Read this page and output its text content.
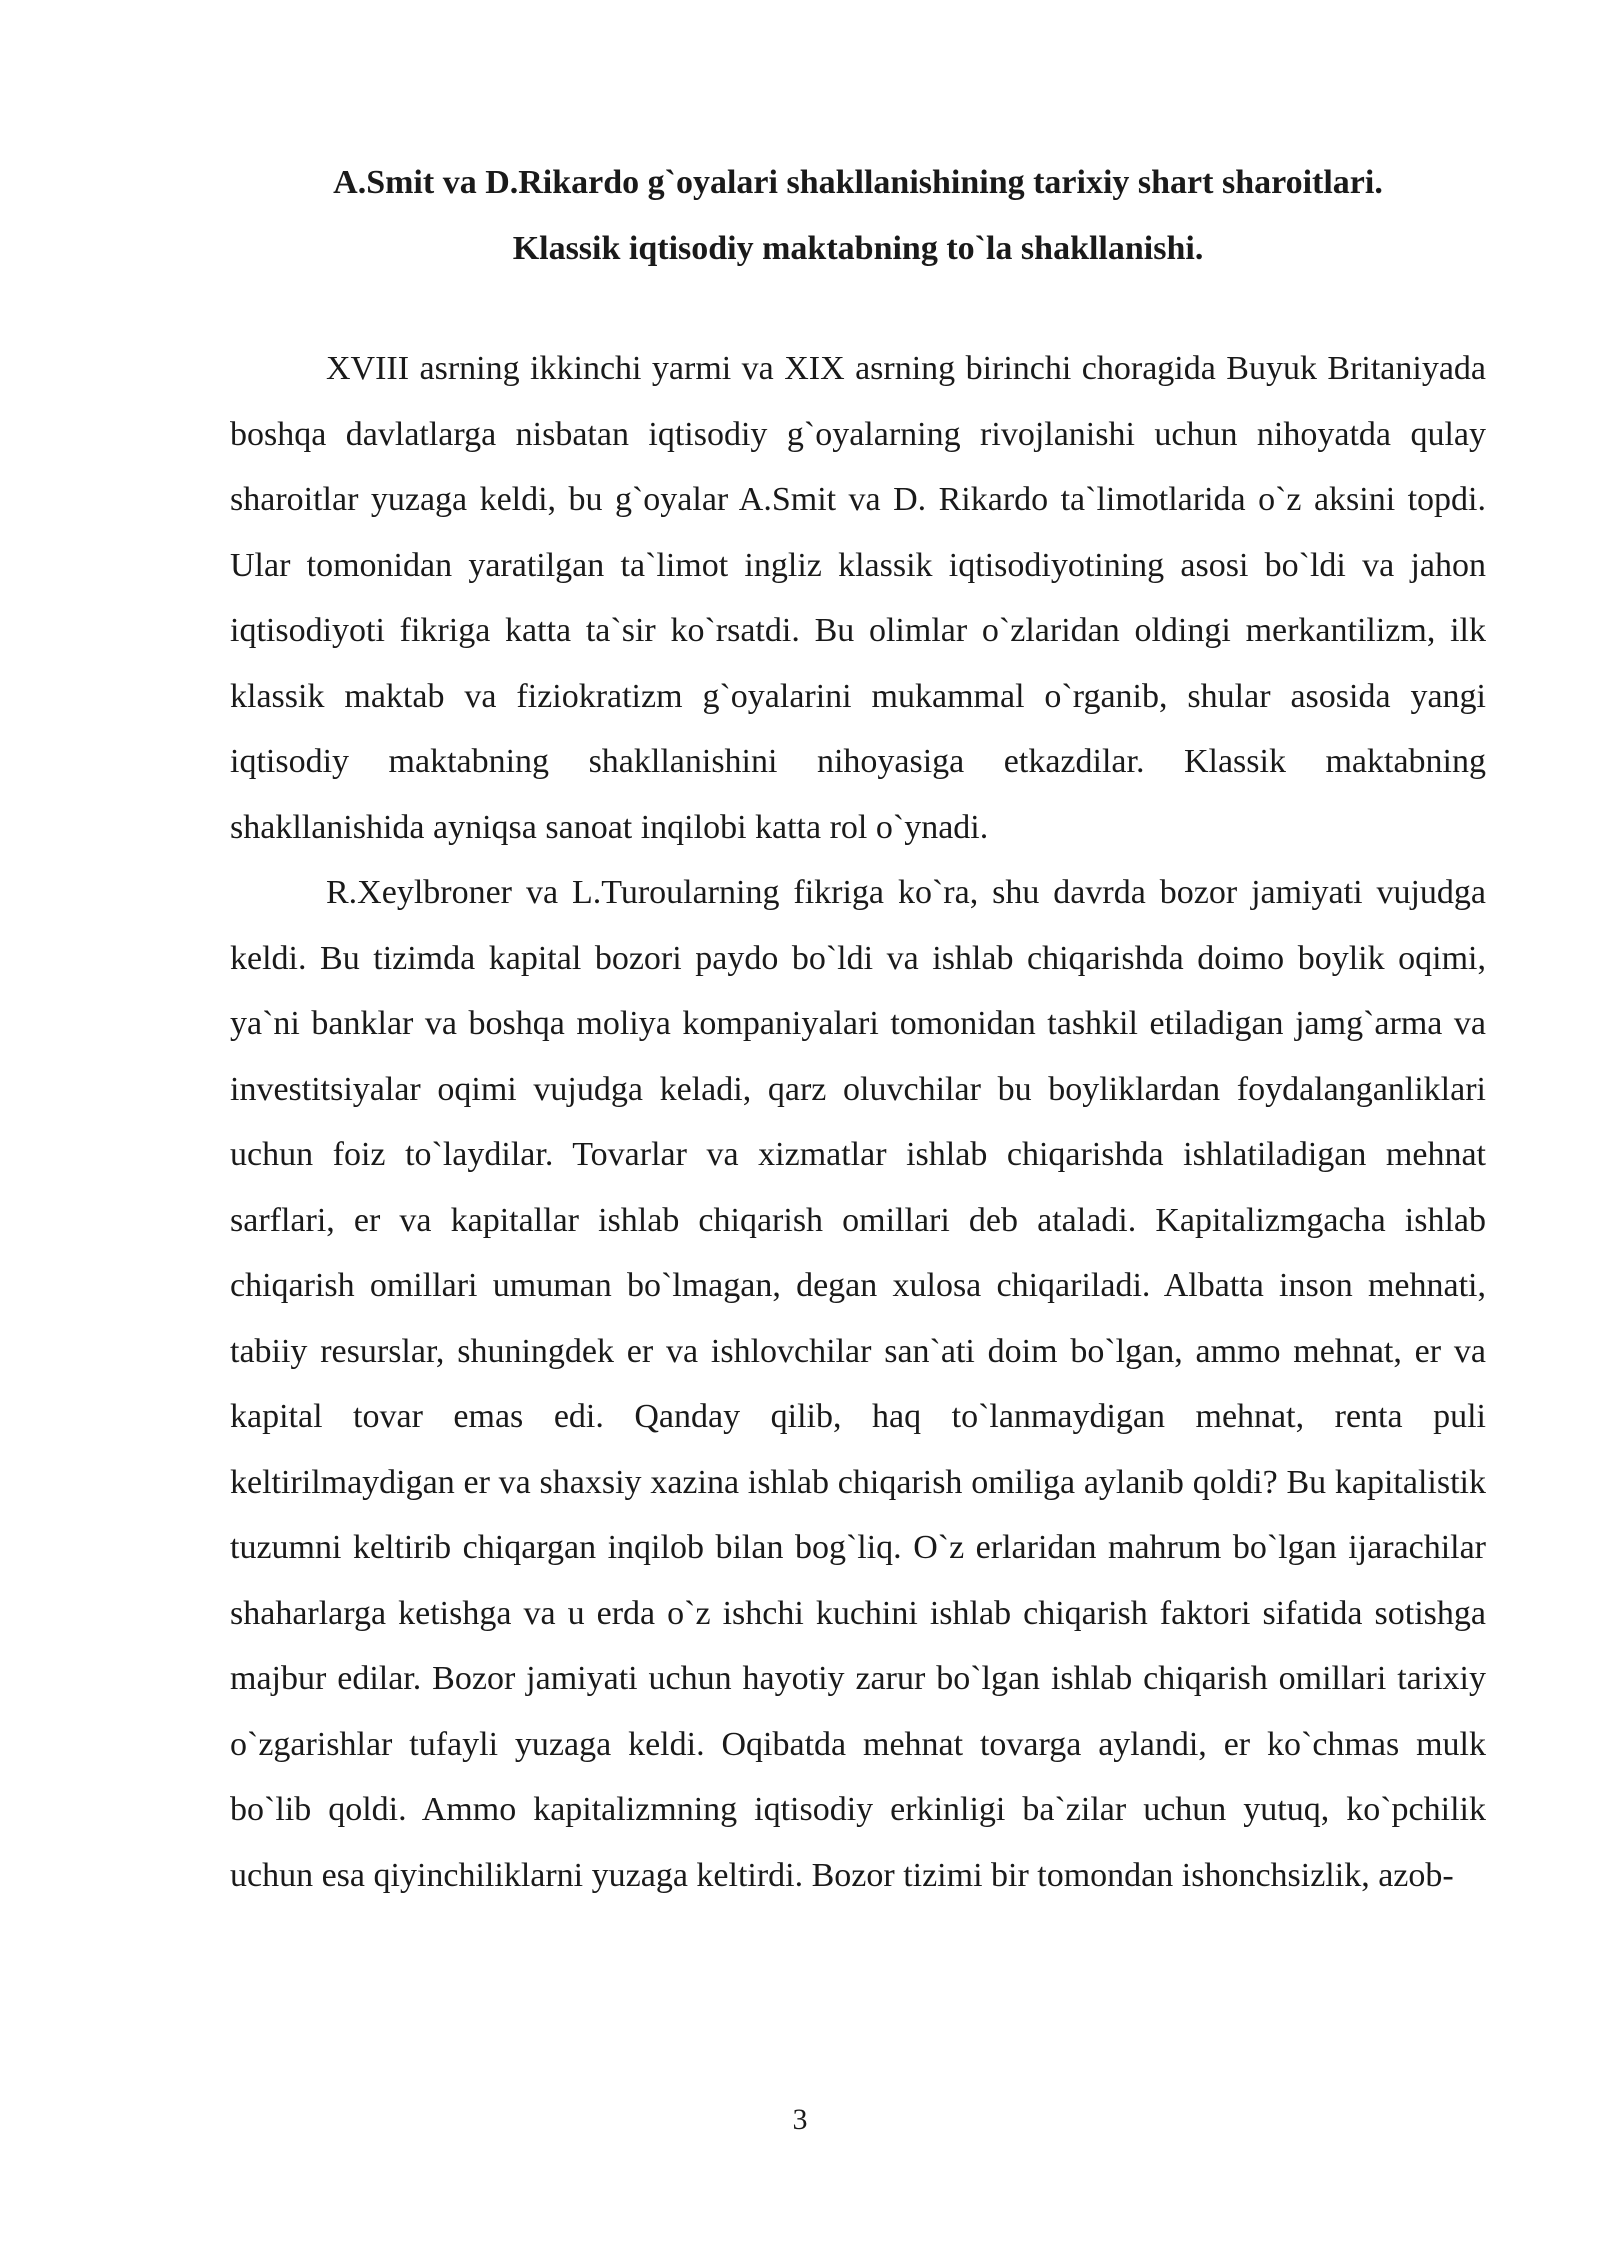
A.Smit va D.Rikardo g`oyalari shakllanishining tarixiy shart sharoitlari.
Klassik iqtisodiy maktabning to`la shakllanishi.

XVIII asrning ikkinchi yarmi va XIX asrning birinchi choragida Buyuk Britaniyada boshqa davlatlarga nisbatan iqtisodiy g`oyalarning rivojlanishi uchun nihoyatda qulay sharoitlar yuzaga keldi, bu g`oyalar A.Smit va D. Rikardo ta`limotlarida o`z aksini topdi. Ular tomonidan yaratilgan ta`limot ingliz klassik iqtisodiyotining asosi bo`ldi va jahon iqtisodiyoti fikriga katta ta`sir ko`rsatdi. Bu olimlar o`zlaridan oldingi merkantilizm, ilk klassik maktab va fiziokratizm g`oyalarini mukammal o`rganib, shular asosida yangi iqtisodiy maktabning shakllanishini nihoyasiga etkazdilar. Klassik maktabning shakllanishida ayniqsa sanoat inqilobi katta rol o`ynadi.

R.Xeylbroner va L.Turoularning fikriga ko`ra, shu davrda bozor jamiyati vujudga keldi. Bu tizimda kapital bozori paydo bo`ldi va ishlab chiqarishda doimo boylik oqimi, ya`ni banklar va boshqa moliya kompaniyalari tomonidan tashkil etiladigan jamg`arma va investitsiyalar oqimi vujudga keladi, qarz oluvchilar bu boyliklardan foydalanganliklari uchun foiz to`laydilar. Tovarlar va xizmatlar ishlab chiqarishda ishlatiladigan mehnat sarflari, er va kapitallar ishlab chiqarish omillari deb ataladi. Kapitalizmgacha ishlab chiqarish omillari umuman bo`lmagan, degan xulosa chiqariladi. Albatta inson mehnati, tabiiy resurslar, shuningdek er va ishlovchilar san`ati doim bo`lgan, ammo mehnat, er va kapital tovar emas edi. Qanday qilib, haq to`lanmaydigan mehnat, renta puli keltirilmaydigan er va shaxsiy xazina ishlab chiqarish omiliga aylanib qoldi? Bu kapitalistik tuzumni keltirib chiqargan inqilob bilan bog`liq. O`z erlaridan mahrum bo`lgan ijarachilar shaharlarga ketishga va u erda o`z ishchi kuchini ishlab chiqarish faktori sifatida sotishga majbur edilar. Bozor jamiyati uchun hayotiy zarur bo`lgan ishlab chiqarish omillari tarixiy o`zgarishlar tufayli yuzaga keldi. Oqibatda mehnat tovarga aylandi, er ko`chmas mulk bo`lib qoldi. Ammo kapitalizmning iqtisodiy erkinligi ba`zilar uchun yutuq, ko`pchilik uchun esa qiyinchiliklarni yuzaga keltirdi. Bozor tizimi bir tomondan ishonchsizlik, azob-

3
